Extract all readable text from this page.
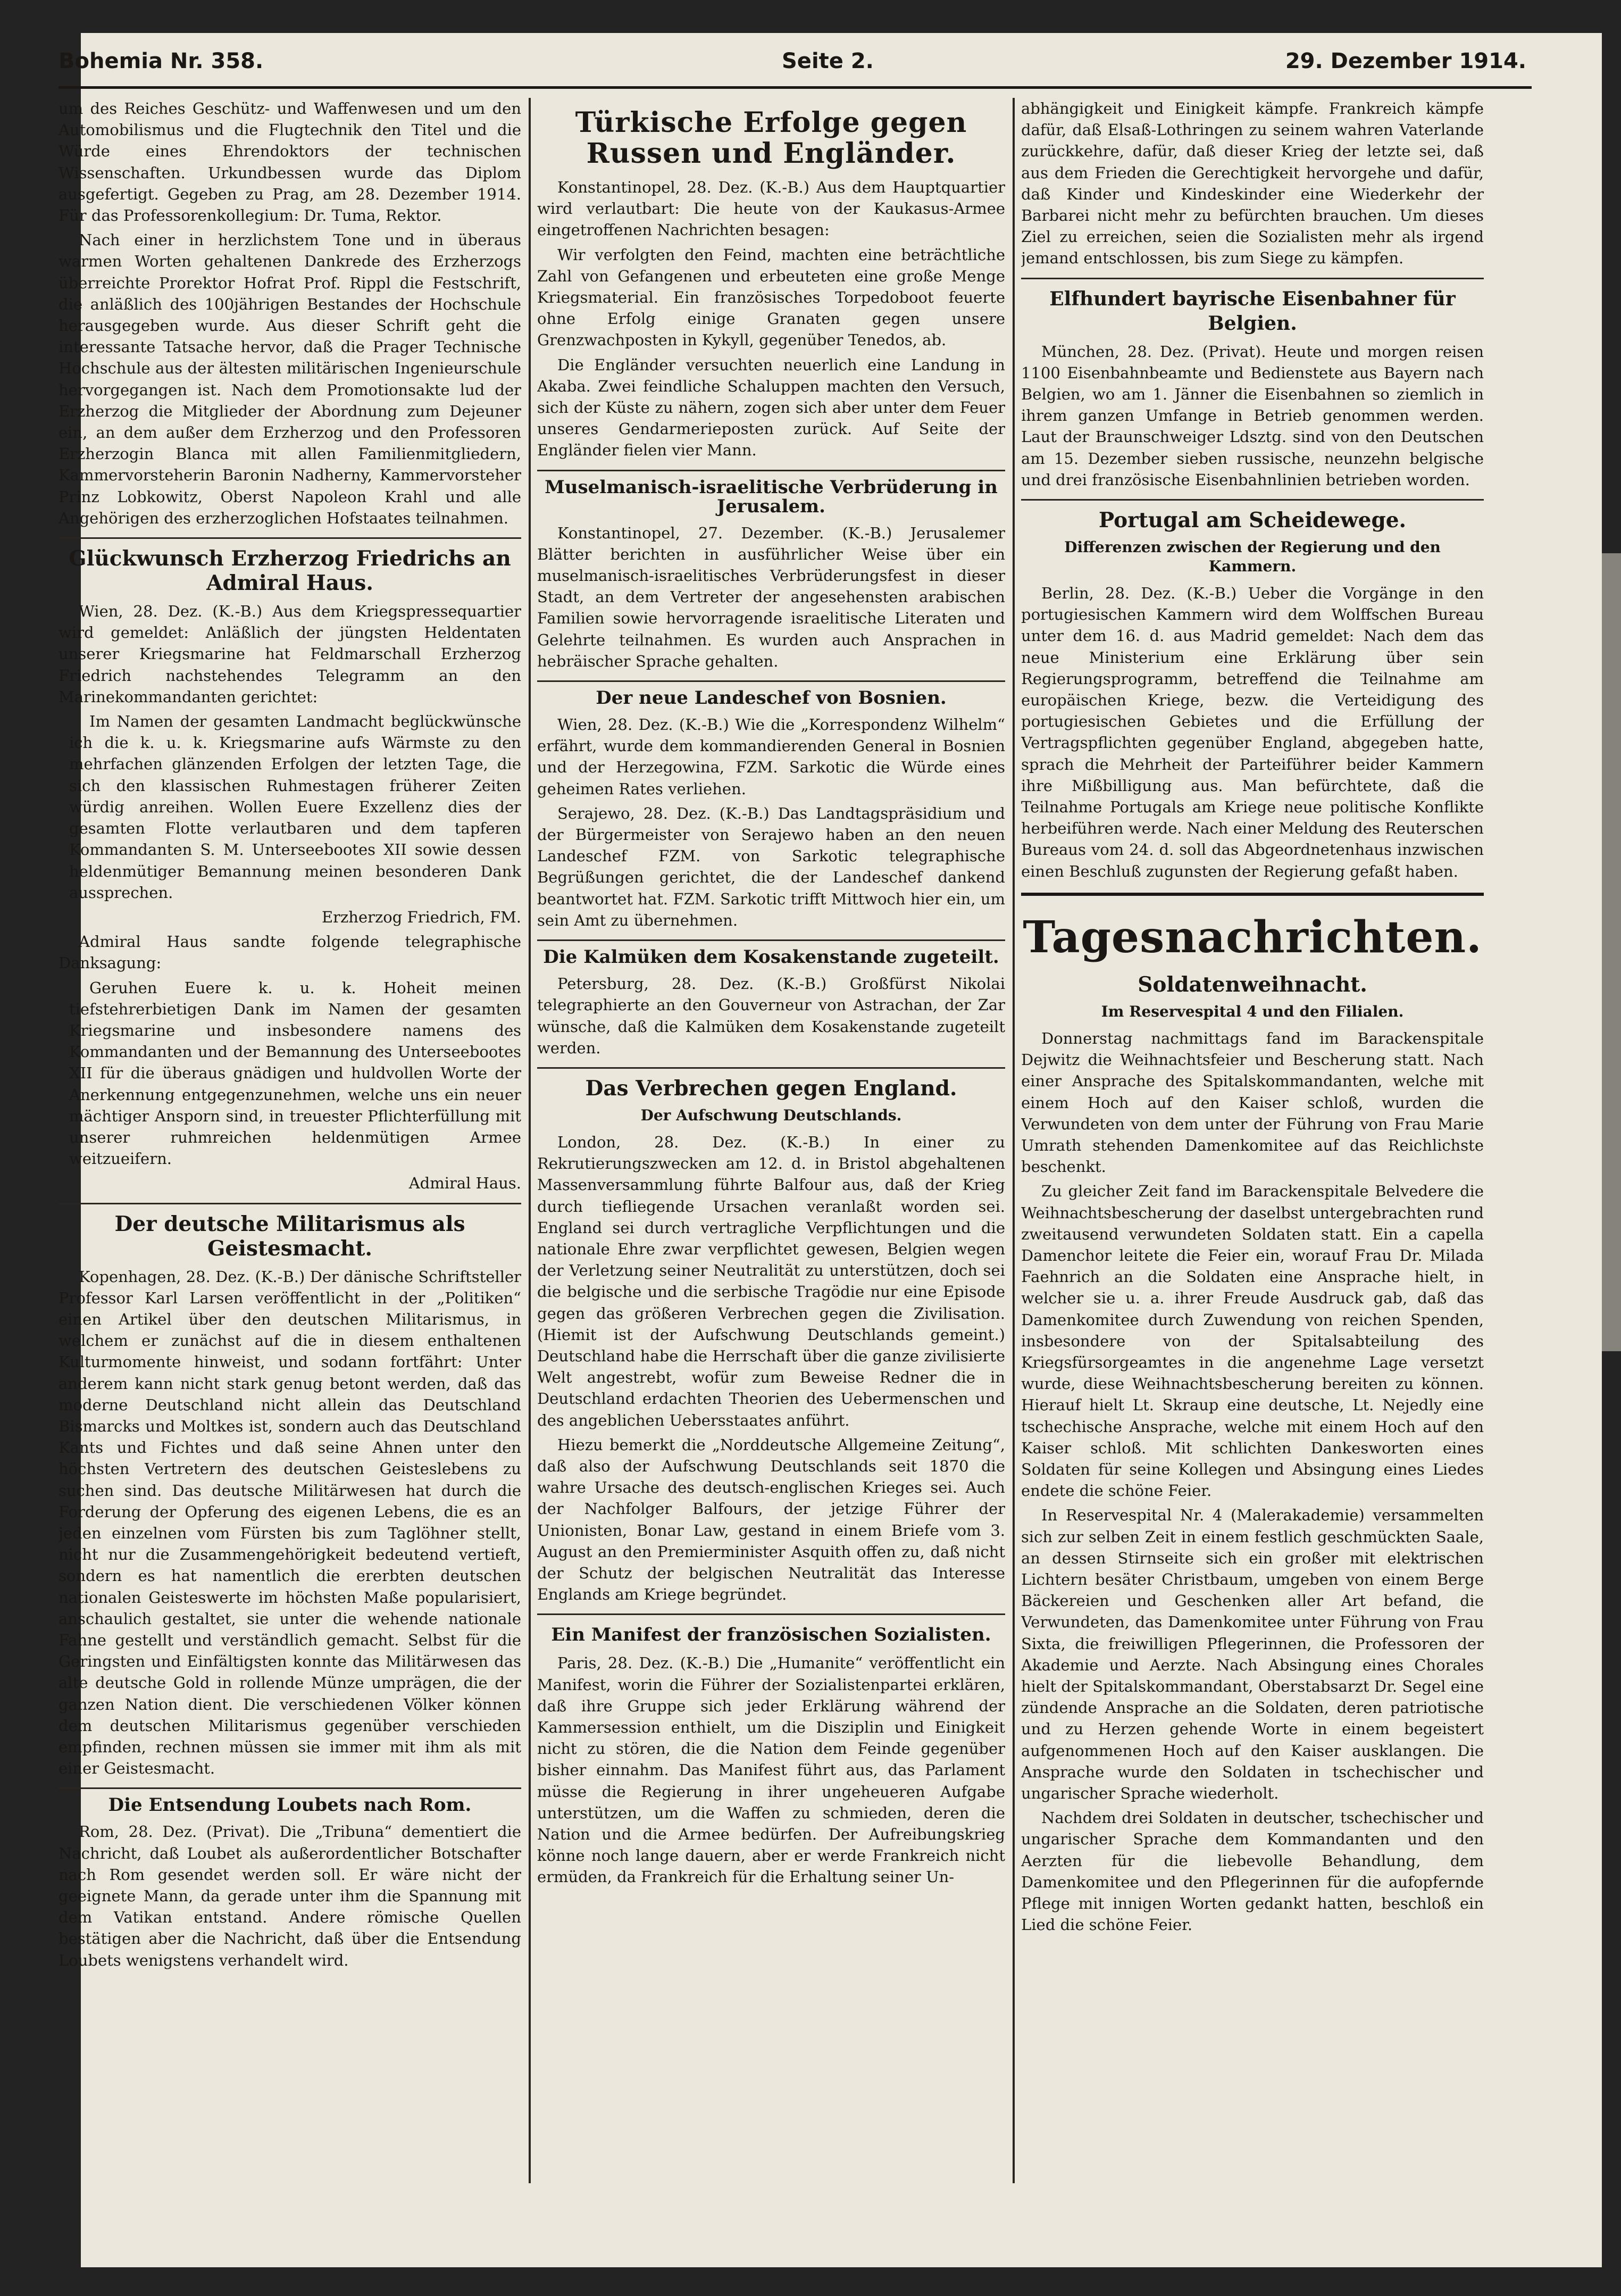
Bohemia Nr. 358.	Seite 2.	29. Dezember 1914.

um des Reiches Geschütz- und Waffenwesen und um den Automobilismus und die Flugtechnik den Titel und die Würde eines Ehrendoktors der technischen Wissenschaften. Urkundbessen wurde das Diplom ausgefertigt. Gegeben zu Prag, am 28. Dezember 1914. Für das Professorenkollegium: Dr. Tuma, Rektor.

Nach einer in herzlichstem Tone und in überaus warmen Worten gehaltenen Dankrede des Erzherzogs überreichte Prorektor Hofrat Prof. Rippl die Festschrift, die anläßlich des 100jährigen Bestandes der Hochschule herausgegeben wurde. Aus dieser Schrift geht die interessante Tatsache hervor, daß die Prager Technische Hochschule aus der ältesten militärischen Ingenieurschule hervorgegangen ist. Nach dem Promotionsakte lud der Erzherzog die Mitglieder der Abordnung zum Dejeuner ein, an dem außer dem Erzherzog und den Professoren Erzherzogin Blanca mit allen Familienmitgliedern, Kammervorsteherin Baronin Nadherny, Kammervorsteher Prinz Lobkowitz, Oberst Napoleon Krahl und alle Angehörigen des erzherzoglichen Hofstaates teilnahmen.

Glückwunsch Erzherzog Friedrichs an Admiral Haus.

Wien, 28. Dez. (K.-B.) Aus dem Kriegspressequartier wird gemeldet: Anläßlich der jüngsten Heldentaten unserer Kriegsmarine hat Feldmarschall Erzherzog Friedrich nachstehendes Telegramm an den Marinekommandanten gerichtet:

Im Namen der gesamten Landmacht beglückwünsche ich die k. u. k. Kriegsmarine aufs Wärmste zu den mehrfachen glänzenden Erfolgen der letzten Tage, die sich den klassischen Ruhmestagen früherer Zeiten würdig anreihen. Wollen Euere Exzellenz dies der gesamten Flotte verlautbaren und dem tapferen Kommandanten S. M. Unterseebootes XII sowie dessen heldenmütiger Bemannung meinen besonderen Dank aussprechen.

Erzherzog Friedrich, FM.

Admiral Haus sandte folgende telegraphische Danksagung:

Geruhen Euere k. u. k. Hoheit meinen tiefstehrerbietigen Dank im Namen der gesamten Kriegsmarine und insbesondere namens des Kommandanten und der Bemannung des Unterseebootes XII für die überaus gnädigen und huldvollen Worte der Anerkennung entgegenzunehmen, welche uns ein neuer mächtiger Ansporn sind, in treuester Pflichterfüllung mit unserer ruhmreichen heldenmütigen Armee weitzueifern.

Admiral Haus.

Der deutsche Militarismus als Geistesmacht.

Kopenhagen, 28. Dez. (K.-B.) Der dänische Schriftsteller Professor Karl Larsen veröffentlicht in der „Politiken“ einen Artikel über den deutschen Militarismus, in welchem er zunächst auf die in diesem enthaltenen Kulturmomente hinweist, und sodann fortfährt: Unter anderem kann nicht stark genug betont werden, daß das moderne Deutschland nicht allein das Deutschland Bismarcks und Moltkes ist, sondern auch das Deutschland Kants und Fichtes und daß seine Ahnen unter den höchsten Vertretern des deutschen Geisteslebens zu suchen sind. Das deutsche Militärwesen hat durch die Forderung der Opferung des eigenen Lebens, die es an jeden einzelnen vom Fürsten bis zum Taglöhner stellt, nicht nur die Zusammengehörigkeit bedeutend vertieft, sondern es hat namentlich die ererbten deutschen nationalen Geisteswerte im höchsten Maße popularisiert, anschaulich gestaltet, sie unter die wehende nationale Fahne gestellt und verständlich gemacht. Selbst für die Geringsten und Einfältigsten konnte das Militärwesen das alte deutsche Gold in rollende Münze umprägen, die der ganzen Nation dient. Die verschiedenen Völker können dem deutschen Militarismus gegenüber verschieden empfinden, rechnen müssen sie immer mit ihm als mit einer Geistesmacht.

Die Entsendung Loubets nach Rom.

Rom, 28. Dez. (Privat). Die „Tribuna“ dementiert die Nachricht, daß Loubet als außerordentlicher Botschafter nach Rom gesendet werden soll. Er wäre nicht der geeignete Mann, da gerade unter ihm die Spannung mit dem Vatikan entstand. Andere römische Quellen bestätigen aber die Nachricht, daß über die Entsendung Loubets wenigstens verhandelt wird.

Türkische Erfolge gegen Russen und Engländer.

Konstantinopel, 28. Dez. (K.-B.) Aus dem Hauptquartier wird verlautbart: Die heute von der Kaukasus-Armee eingetroffenen Nachrichten besagen:

Wir verfolgten den Feind, machten eine beträchtliche Zahl von Gefangenen und erbeuteten eine große Menge Kriegsmaterial. Ein französisches Torpedoboot feuerte ohne Erfolg einige Granaten gegen unsere Grenzwachposten in Kykyll, gegenüber Tenedos, ab.

Die Engländer versuchten neuerlich eine Landung in Akaba. Zwei feindliche Schaluppen machten den Versuch, sich der Küste zu nähern, zogen sich aber unter dem Feuer unseres Gendarmerieposten zurück. Auf Seite der Engländer fielen vier Mann.

Muselmanisch-israelitische Verbrüderung in Jerusalem.

Konstantinopel, 27. Dezember. (K.-B.) Jerusalemer Blätter berichten in ausführlicher Weise über ein muselmanisch-israelitisches Verbrüderungsfest in dieser Stadt, an dem Vertreter der angesehensten arabischen Familien sowie hervorragende israelitische Literaten und Gelehrte teilnahmen. Es wurden auch Ansprachen in hebräischer Sprache gehalten.

Der neue Landeschef von Bosnien.

Wien, 28. Dez. (K.-B.) Wie die „Korrespondenz Wilhelm“ erfährt, wurde dem kommandierenden General in Bosnien und der Herzegowina, FZM. Sarkotic die Würde eines geheimen Rates verliehen.

Serajewo, 28. Dez. (K.-B.) Das Landtagspräsidium und der Bürgermeister von Serajewo haben an den neuen Landeschef FZM. von Sarkotic telegraphische Begrüßungen gerichtet, die der Landeschef dankend beantwortet hat. FZM. Sarkotic trifft Mittwoch hier ein, um sein Amt zu übernehmen.

Die Kalmüken dem Kosakenstande zugeteilt.

Petersburg, 28. Dez. (K.-B.) Großfürst Nikolai telegraphierte an den Gouverneur von Astrachan, der Zar wünsche, daß die Kalmüken dem Kosakenstande zugeteilt werden.

Das Verbrechen gegen England.
Der Aufschwung Deutschlands.

London, 28. Dez. (K.-B.) In einer zu Rekrutierungszwecken am 12. d. in Bristol abgehaltenen Massenversammlung führte Balfour aus, daß der Krieg durch tiefliegende Ursachen veranlaßt worden sei. England sei durch vertragliche Verpflichtungen und die nationale Ehre zwar verpflichtet gewesen, Belgien wegen der Verletzung seiner Neutralität zu unterstützen, doch sei die belgische und die serbische Tragödie nur eine Episode gegen das größeren Verbrechen gegen die Zivilisation. (Hiemit ist der Aufschwung Deutschlands gemeint.) Deutschland habe die Herrschaft über die ganze zivilisierte Welt angestrebt, wofür zum Beweise Redner die in Deutschland erdachten Theorien des Uebermenschen und des angeblichen Uebersstaates anführt.

Hiezu bemerkt die „Norddeutsche Allgemeine Zeitung“, daß also der Aufschwung Deutschlands seit 1870 die wahre Ursache des deutsch-englischen Krieges sei. Auch der Nachfolger Balfours, der jetzige Führer der Unionisten, Bonar Law, gestand in einem Briefe vom 3. August an den Premierminister Asquith offen zu, daß nicht der Schutz der belgischen Neutralität das Interesse Englands am Kriege begründet.

Ein Manifest der französischen Sozialisten.

Paris, 28. Dez. (K.-B.) Die „Humanite“ veröffentlicht ein Manifest, worin die Führer der Sozialistenpartei erklären, daß ihre Gruppe sich jeder Erklärung während der Kammersession enthielt, um die Disziplin und Einigkeit nicht zu stören, die die Nation dem Feinde gegenüber bisher einnahm. Das Manifest führt aus, das Parlament müsse die Regierung in ihrer ungeheueren Aufgabe unterstützen, um die Waffen zu schmieden, deren die Nation und die Armee bedürfen. Der Aufreibungskrieg könne noch lange dauern, aber er werde Frankreich nicht ermüden, da Frankreich für die Erhaltung seiner Un-

abhängigkeit und Einigkeit kämpfe. Frankreich kämpfe dafür, daß Elsaß-Lothringen zu seinem wahren Vaterlande zurückkehre, dafür, daß dieser Krieg der letzte sei, daß aus dem Frieden die Gerechtigkeit hervorgehe und dafür, daß Kinder und Kindeskinder eine Wiederkehr der Barbarei nicht mehr zu befürchten brauchen. Um dieses Ziel zu erreichen, seien die Sozialisten mehr als irgend jemand entschlossen, bis zum Siege zu kämpfen.

Elfhundert bayrische Eisenbahner für Belgien.

München, 28. Dez. (Privat). Heute und morgen reisen 1100 Eisenbahnbeamte und Bedienstete aus Bayern nach Belgien, wo am 1. Jänner die Eisenbahnen so ziemlich in ihrem ganzen Umfange in Betrieb genommen werden. Laut der Braunschweiger Ldsztg. sind von den Deutschen am 15. Dezember sieben russische, neunzehn belgische und drei französische Eisenbahnlinien betrieben worden.

Portugal am Scheidewege.
Differenzen zwischen der Regierung und den Kammern.

Berlin, 28. Dez. (K.-B.) Ueber die Vorgänge in den portugiesischen Kammern wird dem Wolffschen Bureau unter dem 16. d. aus Madrid gemeldet: Nach dem das neue Ministerium eine Erklärung über sein Regierungsprogramm, betreffend die Teilnahme am europäischen Kriege, bezw. die Verteidigung des portugiesischen Gebietes und die Erfüllung der Vertragspflichten gegenüber England, abgegeben hatte, sprach die Mehrheit der Parteiführer beider Kammern ihre Mißbilligung aus. Man befürchtete, daß die Teilnahme Portugals am Kriege neue politische Konflikte herbeiführen werde. Nach einer Meldung des Reuterschen Bureaus vom 24. d. soll das Abgeordnetenhaus inzwischen einen Beschluß zugunsten der Regierung gefaßt haben.

Tagesnachrichten.
Soldatenweihnacht.
Im Reservespital 4 und den Filialen.

Donnerstag nachmittags fand im Barackenspitale Dejwitz die Weihnachtsfeier und Bescherung statt. Nach einer Ansprache des Spitalskommandanten, welche mit einem Hoch auf den Kaiser schloß, wurden die Verwundeten von dem unter der Führung von Frau Marie Umrath stehenden Damenkomitee auf das Reichlichste beschenkt.

Zu gleicher Zeit fand im Barackenspitale Belvedere die Weihnachtsbescherung der daselbst untergebrachten rund zweitausend verwundeten Soldaten statt. Ein a capella Damenchor leitete die Feier ein, worauf Frau Dr. Milada Faehnrich an die Soldaten eine Ansprache hielt, in welcher sie u. a. ihrer Freude Ausdruck gab, daß das Damenkomitee durch Zuwendung von reichen Spenden, insbesondere von der Spitalsabteilung des Kriegsfürsorgeamtes in die angenehme Lage versetzt wurde, diese Weihnachtsbescherung bereiten zu können. Hierauf hielt Lt. Skraup eine deutsche, Lt. Nejedly eine tschechische Ansprache, welche mit einem Hoch auf den Kaiser schloß. Mit schlichten Dankesworten eines Soldaten für seine Kollegen und Absingung eines Liedes endete die schöne Feier.

In Reservespital Nr. 4 (Malerakademie) versammelten sich zur selben Zeit in einem festlich geschmückten Saale, an dessen Stirnseite sich ein großer mit elektrischen Lichtern besäter Christbaum, umgeben von einem Berge Bäckereien und Geschenken aller Art befand, die Verwundeten, das Damenkomitee unter Führung von Frau Sixta, die freiwilligen Pflegerinnen, die Professoren der Akademie und Aerzte. Nach Absingung eines Chorales hielt der Spitalskommandant, Oberstabsarzt Dr. Segel eine zündende Ansprache an die Soldaten, deren patriotische und zu Herzen gehende Worte in einem begeistert aufgenommenen Hoch auf den Kaiser ausklangen. Die Ansprache wurde den Soldaten in tschechischer und ungarischer Sprache wiederholt.

Nachdem drei Soldaten in deutscher, tschechischer und ungarischer Sprache dem Kommandanten und den Aerzten für die liebevolle Behandlung, dem Damenkomitee und den Pflegerinnen für die aufopfernde Pflege mit innigen Worten gedankt hatten, beschloß ein Lied die schöne Feier.
